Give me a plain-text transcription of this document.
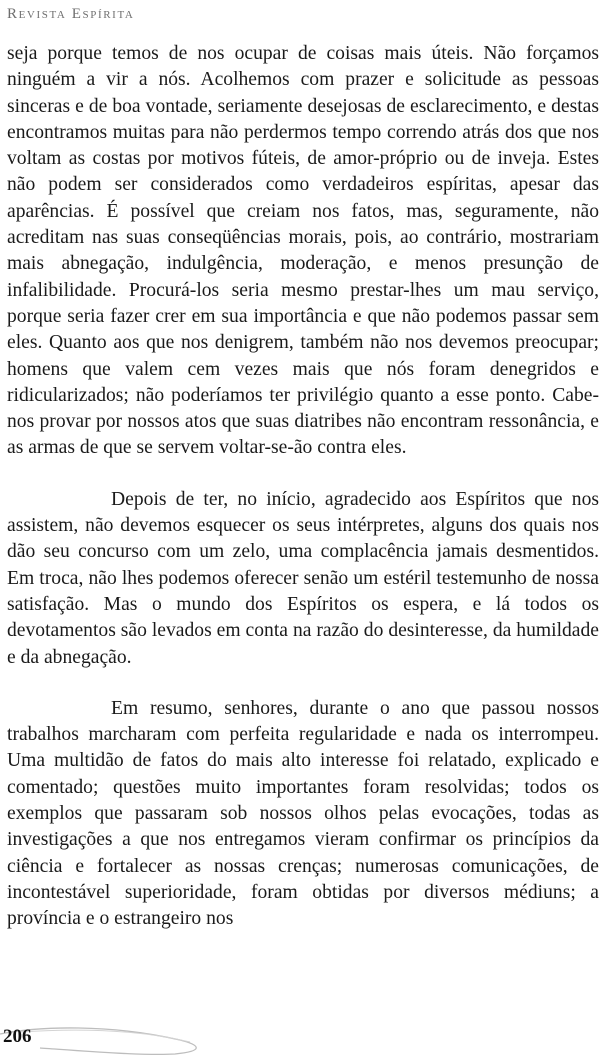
Revista Espírita

seja porque temos de nos ocupar de coisas mais úteis. Não forçamos ninguém a vir a nós. Acolhemos com prazer e solicitude as pessoas sinceras e de boa vontade, seriamente desejosas de esclarecimento, e destas encontramos muitas para não perdermos tempo correndo atrás dos que nos voltam as costas por motivos fúteis, de amor-próprio ou de inveja. Estes não podem ser considerados como verdadeiros espíritas, apesar das aparências. É possível que creiam nos fatos, mas, seguramente, não acreditam nas suas conseqüências morais, pois, ao contrário, mostrariam mais abnegação, indulgência, moderação, e menos presunção de infalibilidade. Procurá-los seria mesmo prestar-lhes um mau serviço, porque seria fazer crer em sua importância e que não podemos passar sem eles. Quanto aos que nos denigrem, também não nos devemos preocupar; homens que valem cem vezes mais que nós foram denegridos e ridicularizados; não poderíamos ter privilégio quanto a esse ponto. Cabe-nos provar por nossos atos que suas diatribes não encontram ressonância, e as armas de que se servem voltar-se-ão contra eles.

Depois de ter, no início, agradecido aos Espíritos que nos assistem, não devemos esquecer os seus intérpretes, alguns dos quais nos dão seu concurso com um zelo, uma complacência jamais desmentidos. Em troca, não lhes podemos oferecer senão um estéril testemunho de nossa satisfação. Mas o mundo dos Espíritos os espera, e lá todos os devotamentos são levados em conta na razão do desinteresse, da humildade e da abnegação.

Em resumo, senhores, durante o ano que passou nossos trabalhos marcharam com perfeita regularidade e nada os interrompeu. Uma multidão de fatos do mais alto interesse foi relatado, explicado e comentado; questões muito importantes foram resolvidas; todos os exemplos que passaram sob nossos olhos pelas evocações, todas as investigações a que nos entregamos vieram confirmar os princípios da ciência e fortalecer as nossas crenças; numerosas comunicações, de incontestável superioridade, foram obtidas por diversos médiuns; a província e o estrangeiro nos

206
